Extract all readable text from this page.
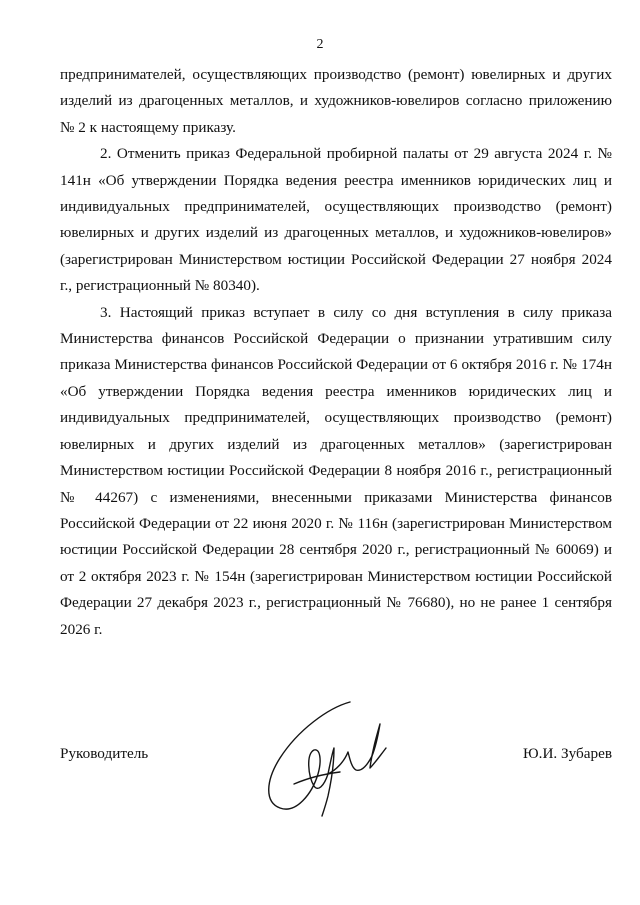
2

предпринимателей, осуществляющих производство (ремонт) ювелирных и других изделий из драгоценных металлов, и художников-ювелиров согласно приложению № 2 к настоящему приказу.

2. Отменить приказ Федеральной пробирной палаты от 29 августа 2024 г. № 141н «Об утверждении Порядка ведения реестра именников юридических лиц и индивидуальных предпринимателей, осуществляющих производство (ремонт) ювелирных и других изделий из драгоценных металлов, и художников-ювелиров» (зарегистрирован Министерством юстиции Российской Федерации 27 ноября 2024 г., регистрационный № 80340).

3. Настоящий приказ вступает в силу со дня вступления в силу приказа Министерства финансов Российской Федерации о признании утратившим силу приказа Министерства финансов Российской Федерации от 6 октября 2016 г. № 174н «Об утверждении Порядка ведения реестра именников юридических лиц и индивидуальных предпринимателей, осуществляющих производство (ремонт) ювелирных и других изделий из драгоценных металлов» (зарегистрирован Министерством юстиции Российской Федерации 8 ноября 2016 г., регистрационный № 44267) с изменениями, внесенными приказами Министерства финансов Российской Федерации от 22 июня 2020 г. № 116н (зарегистрирован Министерством юстиции Российской Федерации 28 сентября 2020 г., регистрационный № 60069) и от 2 октября 2023 г. № 154н (зарегистрирован Министерством юстиции Российской Федерации 27 декабря 2023 г., регистрационный № 76680), но не ранее 1 сентября 2026 г.

Руководитель	Ю.И. Зубарев
